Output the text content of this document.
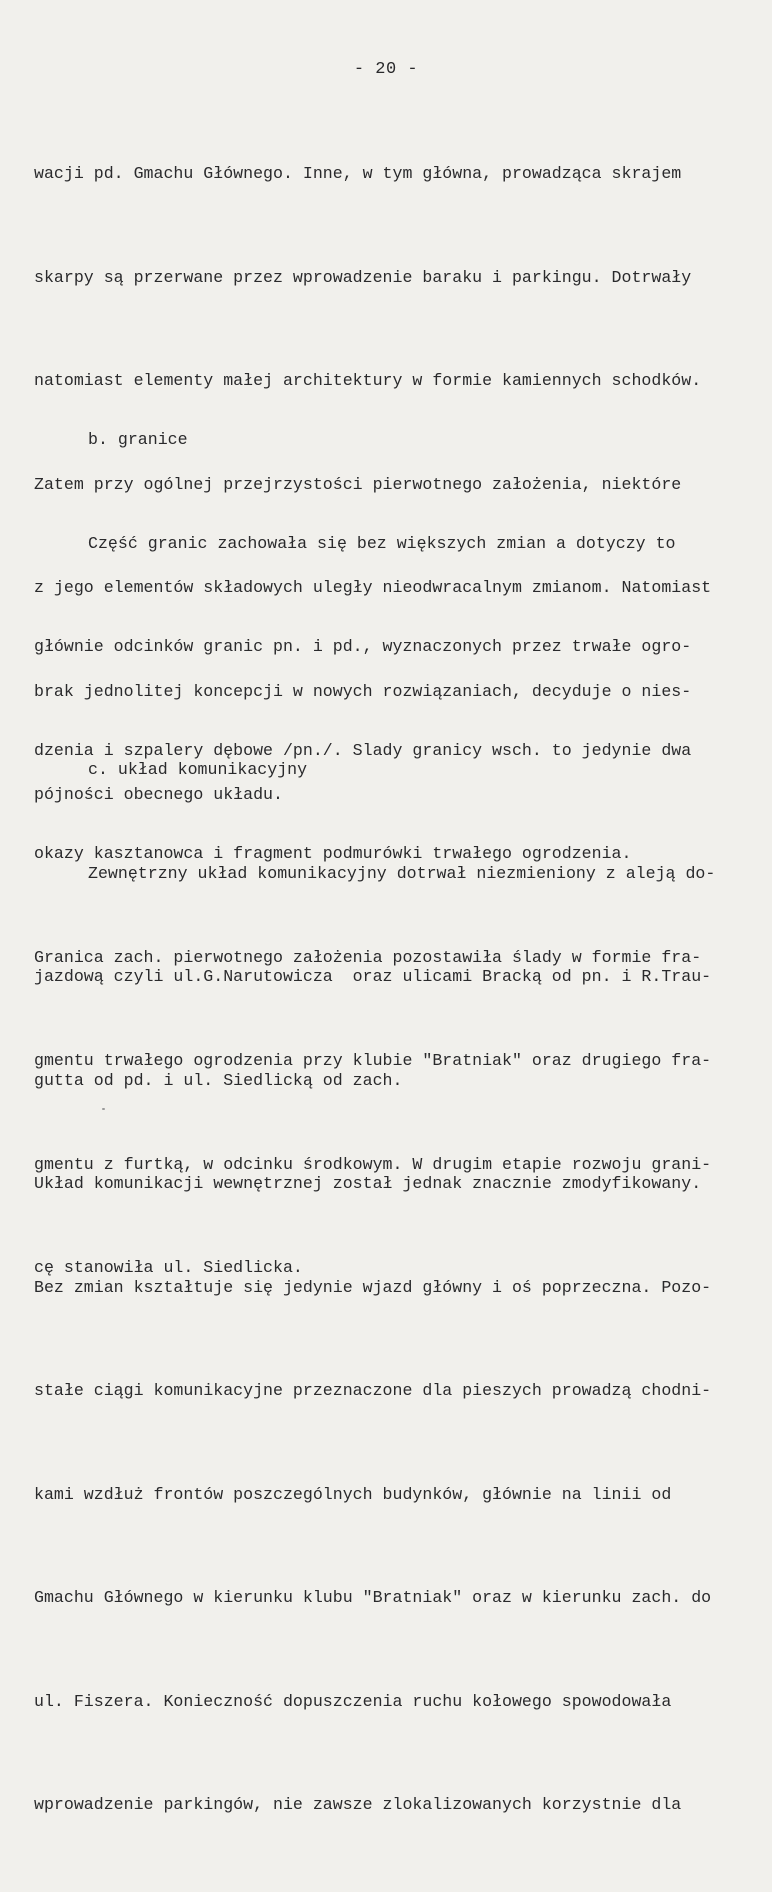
- 20 -

wacji pd. Gmachu Głównego. Inne, w tym główna, prowadząca skrajem

skarpy są przerwane przez wprowadzenie baraku i parkingu. Dotrwały

natomiast elementy małej architektury w formie kamiennych schodków.

Zatem przy ogólnej przejrzystości pierwotnego założenia, niektóre

z jego elementów składowych uległy nieodwracalnym zmianom. Natomiast

brak jednolitej koncepcji w nowych rozwiązaniach, decyduje o nies-

pójności obecnego układu.

b. granice

Część granic zachowała się bez większych zmian a dotyczy to

głównie odcinków granic pn. i pd., wyznaczonych przez trwałe ogro-

dzenia i szpalery dębowe /pn./. Slady granicy wsch. to jedynie dwa

okazy kasztanowca i fragment podmurówki trwałego ogrodzenia.

Granica zach. pierwotnego założenia pozostawiła ślady w formie fra-

gmentu trwałego ogrodzenia przy klubie "Bratniak" oraz drugiego fra-

gmentu z furtką, w odcinku środkowym. W drugim etapie rozwoju grani-

cę stanowiła ul. Siedlicka.

c. układ komunikacyjny

Zewnętrzny układ komunikacyjny dotrwał niezmieniony z aleją do-

jazdową czyli ul.G.Narutowicza  oraz ulicami Bracką od pn. i R.Trau-

gutta od pd. i ul. Siedlicką od zach.

Układ komunikacji wewnętrznej został jednak znacznie zmodyfikowany.

Bez zmian kształtuje się jedynie wjazd główny i oś poprzeczna. Pozo-

stałe ciągi komunikacyjne przeznaczone dla pieszych prowadzą chodni-

kami wzdłuż frontów poszczególnych budynków, głównie na linii od

Gmachu Głównego w kierunku klubu "Bratniak" oraz w kierunku zach. do

ul. Fiszera. Konieczność dopuszczenia ruchu kołowego spowodowała

wprowadzenie parkingów, nie zawsze zlokalizowanych korzystnie dla
